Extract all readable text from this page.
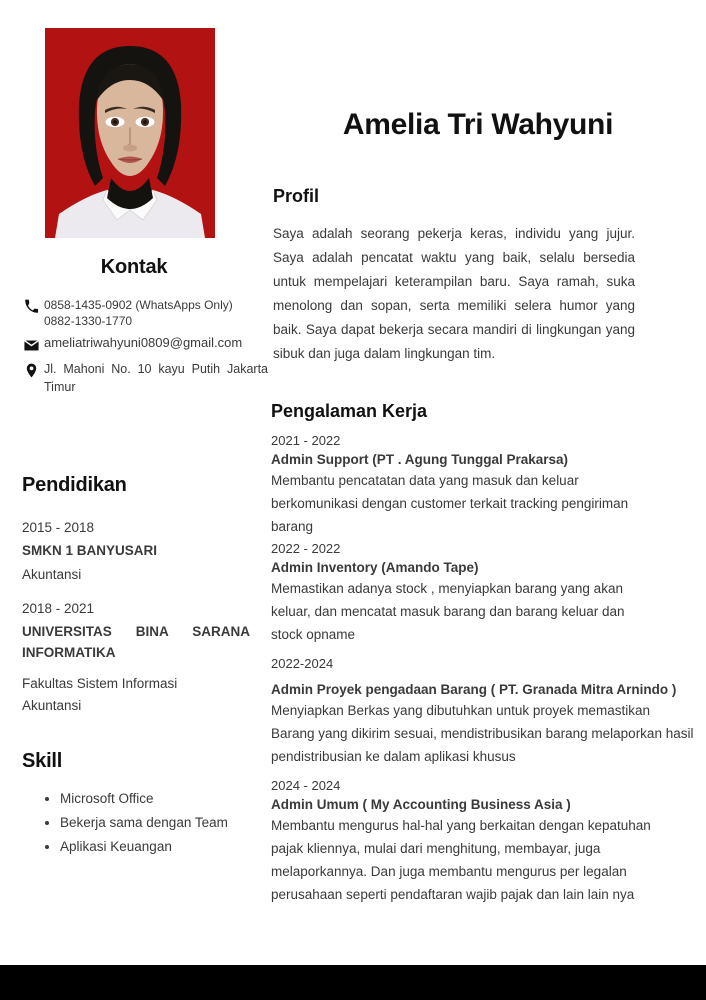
Kontak
0858-1435-0902 (WhatsApps Only)
0882-1330-1770
ameliatriwahyuni0809@gmail.com
Jl. Mahoni No. 10 kayu Putih Jakarta Timur
Pendidikan
2015 - 2018
SMKN 1 BANYUSARI
Akuntansi
2018 - 2021
UNIVERSITAS BINA SARANA INFORMATIKA
Fakultas Sistem Informasi
Akuntansi
Skill
• Microsoft Office
• Bekerja sama dengan Team
• Aplikasi Keuangan
Amelia Tri Wahyuni
Profil
Saya adalah seorang pekerja keras, individu yang jujur. Saya adalah pencatat waktu yang baik, selalu bersedia untuk mempelajari keterampilan baru. Saya ramah, suka menolong dan sopan, serta memiliki selera humor yang baik. Saya dapat bekerja secara mandiri di lingkungan yang sibuk dan juga dalam lingkungan tim.
Pengalaman Kerja
2021 - 2022
Admin Support (PT . Agung Tunggal Prakarsa)
Membantu pencatatan data yang masuk dan keluar berkomunikasi dengan customer terkait tracking pengiriman barang
2022 - 2022
Admin Inventory (Amando Tape)
Memastikan adanya stock , menyiapkan barang yang akan keluar, dan mencatat masuk barang dan barang keluar dan stock opname
2022-2024
Admin Proyek pengadaan Barang ( PT. Granada Mitra Arnindo )
Menyiapkan Berkas yang dibutuhkan untuk proyek memastikan Barang yang dikirim sesuai, mendistribusikan barang melaporkan hasil pendistribusian ke dalam aplikasi khusus
2024 - 2024
Admin Umum ( My Accounting Business Asia )
Membantu mengurus hal-hal yang berkaitan dengan kepatuhan pajak kliennya, mulai dari menghitung, membayar, juga melaporkannya. Dan juga membantu mengurus per legalan perusahaan seperti pendaftaran wajib pajak dan lain lain nya
